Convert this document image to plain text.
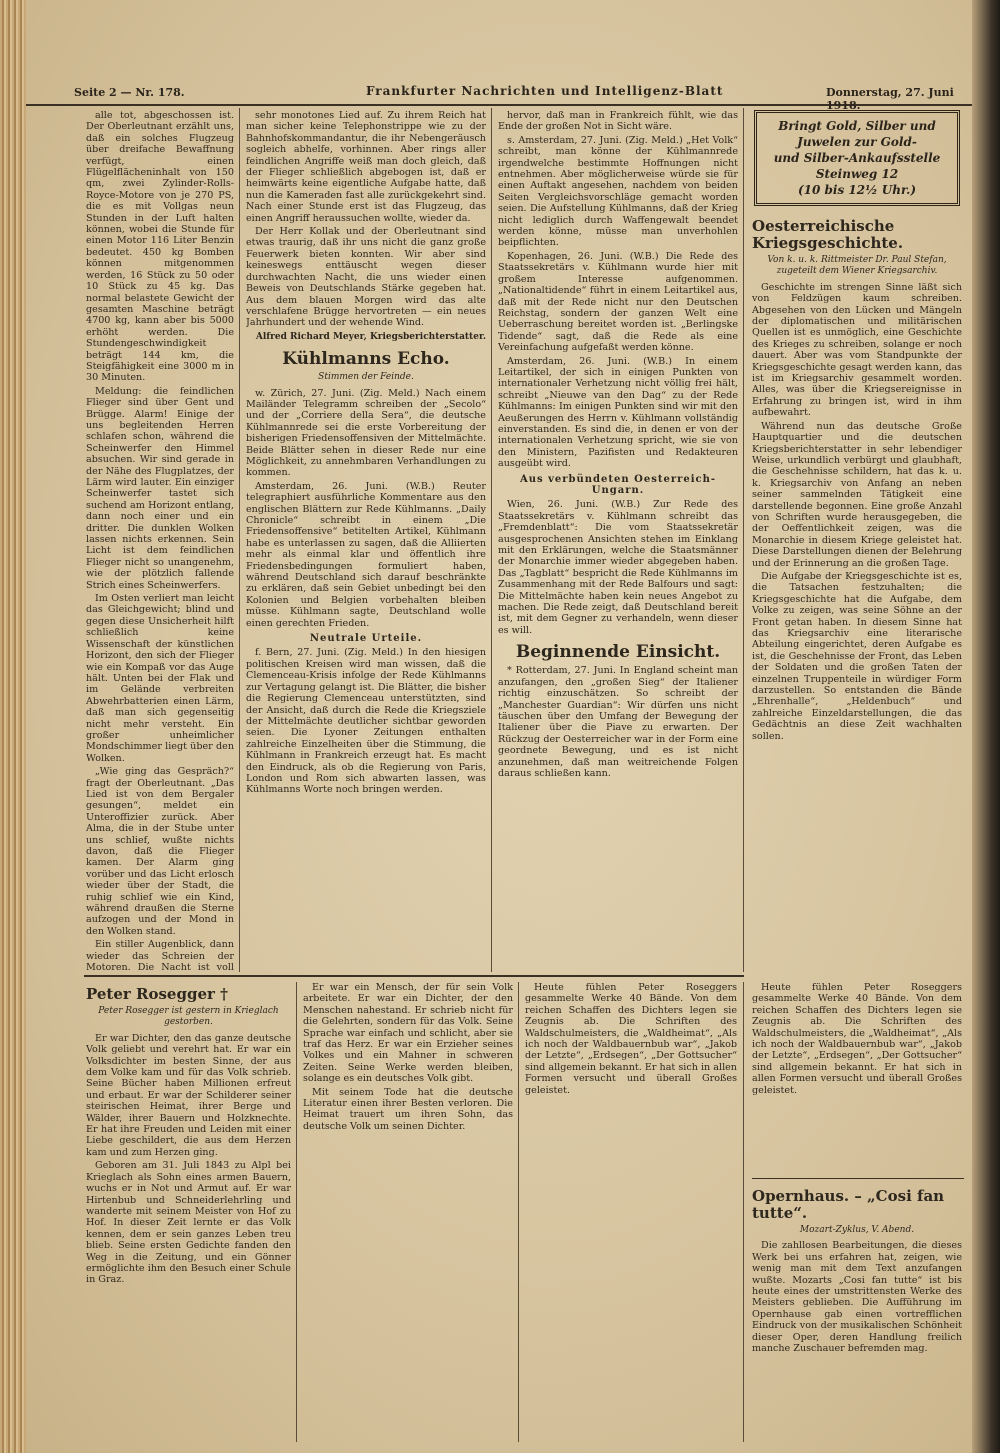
Seite 2 — Nr. 178.	Frankfurter Nachrichten und Intelligenz-Blatt	Donnerstag, 27. Juni 1918.

alle tot, abgeschossen ist. Der Oberleutnant erzählt uns, daß ein solches Flugzeug über dreifache Bewaffnung verfügt, einen Flügelflächeninhalt von 150 qm, zwei Zylinder-Rolls-Royce-Motore von je 270 PS, die es mit Vollgas neun Stunden in der Luft halten können, wobei die Stunde für einen Motor 116 Liter Benzin bedeutet. 450 kg Bomben können mitgenommen werden, 16 Stück zu 50 oder 10 Stück zu 45 kg. Das normal belastete Gewicht der gesamten Maschine beträgt 4700 kg, kann aber bis 5000 erhöht werden. Die Stundengeschwindigkeit beträgt 144 km, die Steigfähigkeit eine 3000 m in 30 Minuten.

Meldung: die feindlichen Flieger sind über Gent und Brügge. Alarm! Einige der uns begleitenden Herren schlafen schon, während die Scheinwerfer den Himmel absuchen. Wir sind gerade in der Nähe des Flugplatzes, der Lärm wird lauter. Ein einziger Scheinwerfer tastet sich suchend am Horizont entlang, dann noch einer und ein dritter. Die dunklen Wolken lassen nichts erkennen. Sein Licht ist dem feindlichen Flieger nicht so unangenehm, wie der plötzlich fallende Strich eines Scheinwerfers.

Im Osten verliert man leicht das Gleichgewicht; blind und gegen diese Unsicherheit hilft schließlich keine Wissenschaft der künstlichen Horizont, den sich der Flieger wie ein Kompaß vor das Auge hält. Unten bei der Flak und im Gelände verbreiten Abwehrbatterien einen Lärm, daß man sich gegenseitig nicht mehr versteht. Ein großer unheimlicher Mondschimmer liegt über den Wolken.

„Wie ging das Gespräch?“ fragt der Oberleutnant. „Das Lied ist von dem Bergaler gesungen“, meldet ein Unteroffizier zurück. Aber Alma, die in der Stube unter uns schlief, wußte nichts davon, daß die Flieger kamen. Der Alarm ging vorüber und das Licht erlosch wieder über der Stadt, die ruhig schlief wie ein Kind, während draußen die Sterne aufzogen und der Mond in den Wolken stand.

Ein stiller Augenblick, dann wieder das Schreien der Motoren. Die Nacht ist voll

sehr monotones Lied auf. Zu ihrem Reich hat man sicher keine Telephonstrippe wie zu der Bahnhofskommandantur, die ihr Nebengeräusch sogleich abhelfe, vorhinnen. Aber rings aller feindlichen Angriffe weiß man doch gleich, daß der Flieger schließlich abgebogen ist, daß er heimwärts keine eigentliche Aufgabe hatte, daß nun die Kameraden fast alle zurückgekehrt sind. Nach einer Stunde erst ist das Flugzeug, das einen Angriff heraussuchen wollte, wieder da.

Der Herr Kollak und der Oberleutnant sind etwas traurig, daß ihr uns nicht die ganz große Feuerwerk bieten konnten. Wir aber sind keineswegs enttäuscht wegen dieser durchwachten Nacht, die uns wieder einen Beweis von Deutschlands Stärke gegeben hat. Aus dem blauen Morgen wird das alte verschlafene Brügge hervortreten — ein neues Jahrhundert und der wehende Wind.

Alfred Richard Meyer, Kriegsberichterstatter.
Kühlmanns Echo.
Stimmen der Feinde.

w. Zürich, 27. Juni. (Zig. Meld.) Nach einem Mailänder Telegramm schreiben der „Secolo“ und der „Corriere della Sera“, die deutsche Kühlmannrede sei die erste Vorbereitung der bisherigen Friedensoffensiven der Mittelmächte. Beide Blätter sehen in dieser Rede nur eine Möglichkeit, zu annehmbaren Verhandlungen zu kommen.

Amsterdam, 26. Juni. (W.B.) Reuter telegraphiert ausführliche Kommentare aus den englischen Blättern zur Rede Kühlmanns. „Daily Chronicle“ schreibt in einem „Die Friedensoffensive“ betitelten Artikel, Kühlmann habe es unterlassen zu sagen, daß die Alliierten mehr als einmal klar und öffentlich ihre Friedensbedingungen formuliert haben, während Deutschland sich darauf beschränkte zu erklären, daß sein Gebiet unbedingt bei den Kolonien und Belgien vorbehalten bleiben müsse. Kühlmann sagte, Deutschland wolle einen gerechten Frieden.

Neutrale Urteile.

f. Bern, 27. Juni. (Zig. Meld.) In den hiesigen politischen Kreisen wird man wissen, daß die Clemenceau-Krisis infolge der Rede Kühlmanns zur Vertagung gelangt ist. Die Blätter, die bisher die Regierung Clemenceau unterstützten, sind der Ansicht, daß durch die Rede die Kriegsziele der Mittelmächte deutlicher sichtbar geworden seien. Die Lyoner Zeitungen enthalten zahlreiche Einzelheiten über die Stimmung, die Kühlmann in Frankreich erzeugt hat. Es macht den Eindruck, als ob die Regierung von Paris, London und Rom sich abwarten lassen, was Kühlmanns Worte noch bringen werden.

hervor, daß man in Frankreich fühlt, wie das Ende der großen Not in Sicht wäre.

s. Amsterdam, 27. Juni. (Zig. Meld.) „Het Volk“ schreibt, man könne der Kühlmannrede irgendwelche bestimmte Hoffnungen nicht entnehmen. Aber möglicherweise würde sie für einen Auftakt angesehen, nachdem von beiden Seiten Vergleichsvorschläge gemacht worden seien. Die Aufstellung Kühlmanns, daß der Krieg nicht lediglich durch Waffengewalt beendet werden könne, müsse man unverhohlen beipflichten.

Kopenhagen, 26. Juni. (W.B.) Die Rede des Staatssekretärs v. Kühlmann wurde hier mit großem Interesse aufgenommen. „Nationaltidende“ führt in einem Leitartikel aus, daß mit der Rede nicht nur den Deutschen Reichstag, sondern der ganzen Welt eine Ueberraschung bereitet worden ist. „Berlingske Tidende“ sagt, daß die Rede als eine Vereinfachung aufgefaßt werden könne.

Amsterdam, 26. Juni. (W.B.) In einem Leitartikel, der sich in einigen Punkten von internationaler Verhetzung nicht völlig frei hält, schreibt „Nieuwe van den Dag“ zu der Rede Kühlmanns: Im einigen Punkten sind wir mit den Aeußerungen des Herrn v. Kühlmann vollständig einverstanden. Es sind die, in denen er von der internationalen Verhetzung spricht, wie sie von den Ministern, Pazifisten und Redakteuren ausgeübt wird.

Aus verbündeten Oesterreich-Ungarn.

Wien, 26. Juni. (W.B.) Zur Rede des Staatssekretärs v. Kühlmann schreibt das „Fremdenblatt“: Die vom Staatssekretär ausgesprochenen Ansichten stehen im Einklang mit den Erklärungen, welche die Staatsmänner der Monarchie immer wieder abgegeben haben. Das „Tagblatt“ bespricht die Rede Kühlmanns im Zusammenhang mit der Rede Balfours und sagt: Die Mittelmächte haben kein neues Angebot zu machen. Die Rede zeigt, daß Deutschland bereit ist, mit dem Gegner zu verhandeln, wenn dieser es will.

Beginnende Einsicht.

* Rotterdam, 27. Juni. In England scheint man anzufangen, den „großen Sieg“ der Italiener richtig einzuschätzen. So schreibt der „Manchester Guardian“: Wir dürfen uns nicht täuschen über den Umfang der Bewegung der Italiener über die Piave zu erwarten. Der Rückzug der Oesterreicher war in der Form eine geordnete Bewegung, und es ist nicht anzunehmen, daß man weitreichende Folgen daraus schließen kann.

Bringt Gold, Silber und
Juwelen zur Gold-
und Silber-Ankaufsstelle Steinweg 12
(10 bis 12½ Uhr.)
Oesterreichische Kriegsgeschichte.
Von k. u. k. Rittmeister Dr. Paul Stefan, zugeteilt dem Wiener Kriegsarchiv.

Geschichte im strengen Sinne läßt sich von Feldzügen kaum schreiben. Abgesehen von den Lücken und Mängeln der diplomatischen und militärischen Quellen ist es unmöglich, eine Geschichte des Krieges zu schreiben, solange er noch dauert. Aber was vom Standpunkte der Kriegsgeschichte gesagt werden kann, das ist im Kriegsarchiv gesammelt worden. Alles, was über die Kriegsereignisse in Erfahrung zu bringen ist, wird in ihm aufbewahrt.

Während nun das deutsche Große Hauptquartier und die deutschen Kriegsberichterstatter in sehr lebendiger Weise, urkundlich verbürgt und glaubhaft, die Geschehnisse schildern, hat das k. u. k. Kriegsarchiv von Anfang an neben seiner sammelnden Tätigkeit eine darstellende begonnen. Eine große Anzahl von Schriften wurde herausgegeben, die der Oeffentlichkeit zeigen, was die Monarchie in diesem Kriege geleistet hat. Diese Darstellungen dienen der Belehrung und der Erinnerung an die großen Tage.

Die Aufgabe der Kriegsgeschichte ist es, die Tatsachen festzuhalten; die Kriegsgeschichte hat die Aufgabe, dem Volke zu zeigen, was seine Söhne an der Front getan haben. In diesem Sinne hat das Kriegsarchiv eine literarische Abteilung eingerichtet, deren Aufgabe es ist, die Geschehnisse der Front, das Leben der Soldaten und die großen Taten der einzelnen Truppenteile in würdiger Form darzustellen. So entstanden die Bände „Ehrenhalle“, „Heldenbuch“ und zahlreiche Einzeldarstellungen, die das Gedächtnis an diese Zeit wachhalten sollen.

Peter Rosegger †
Peter Rosegger ist gestern in Krieglach gestorben.

Er war Dichter, den das ganze deutsche Volk geliebt und verehrt hat. Er war ein Volksdichter im besten Sinne, der aus dem Volke kam und für das Volk schrieb. Seine Bücher haben Millionen erfreut und erbaut. Er war der Schilderer seiner steirischen Heimat, ihrer Berge und Wälder, ihrer Bauern und Holzknechte. Er hat ihre Freuden und Leiden mit einer Liebe geschildert, die aus dem Herzen kam und zum Herzen ging.

Geboren am 31. Juli 1843 zu Alpl bei Krieglach als Sohn eines armen Bauern, wuchs er in Not und Armut auf. Er war Hirtenbub und Schneiderlehrling und wanderte mit seinem Meister von Hof zu Hof. In dieser Zeit lernte er das Volk kennen, dem er sein ganzes Leben treu blieb. Seine ersten Gedichte fanden den Weg in die Zeitung, und ein Gönner ermöglichte ihm den Besuch einer Schule in Graz.

Er war ein Mensch, der für sein Volk arbeitete. Er war ein Dichter, der den Menschen nahestand. Er schrieb nicht für die Gelehrten, sondern für das Volk. Seine Sprache war einfach und schlicht, aber sie traf das Herz. Er war ein Erzieher seines Volkes und ein Mahner in schweren Zeiten. Seine Werke werden bleiben, solange es ein deutsches Volk gibt.

Mit seinem Tode hat die deutsche Literatur einen ihrer Besten verloren. Die Heimat trauert um ihren Sohn, das deutsche Volk um seinen Dichter.

Heute fühlen Peter Roseggers gesammelte Werke 40 Bände. Von dem reichen Schaffen des Dichters legen sie Zeugnis ab. Die Schriften des Waldschulmeisters, die „Waldheimat“, „Als ich noch der Waldbauernbub war“, „Jakob der Letzte“, „Erdsegen“, „Der Gottsucher“ sind allgemein bekannt. Er hat sich in allen Formen versucht und überall Großes geleistet.

Heute fühlen Peter Roseggers gesammelte Werke 40 Bände. Von dem reichen Schaffen des Dichters legen sie Zeugnis ab. Die Schriften des Waldschulmeisters, die „Waldheimat“, „Als ich noch der Waldbauernbub war“, „Jakob der Letzte“, „Erdsegen“, „Der Gottsucher“ sind allgemein bekannt. Er hat sich in allen Formen versucht und überall Großes geleistet.

Opernhaus. – „Cosi fan tutte“.
Mozart-Zyklus, V. Abend.

Die zahllosen Bearbeitungen, die dieses Werk bei uns erfahren hat, zeigen, wie wenig man mit dem Text anzufangen wußte. Mozarts „Cosi fan tutte“ ist bis heute eines der umstrittensten Werke des Meisters geblieben. Die Aufführung im Opernhause gab einen vortrefflichen Eindruck von der musikalischen Schönheit dieser Oper, deren Handlung freilich manche Zuschauer befremden mag.
